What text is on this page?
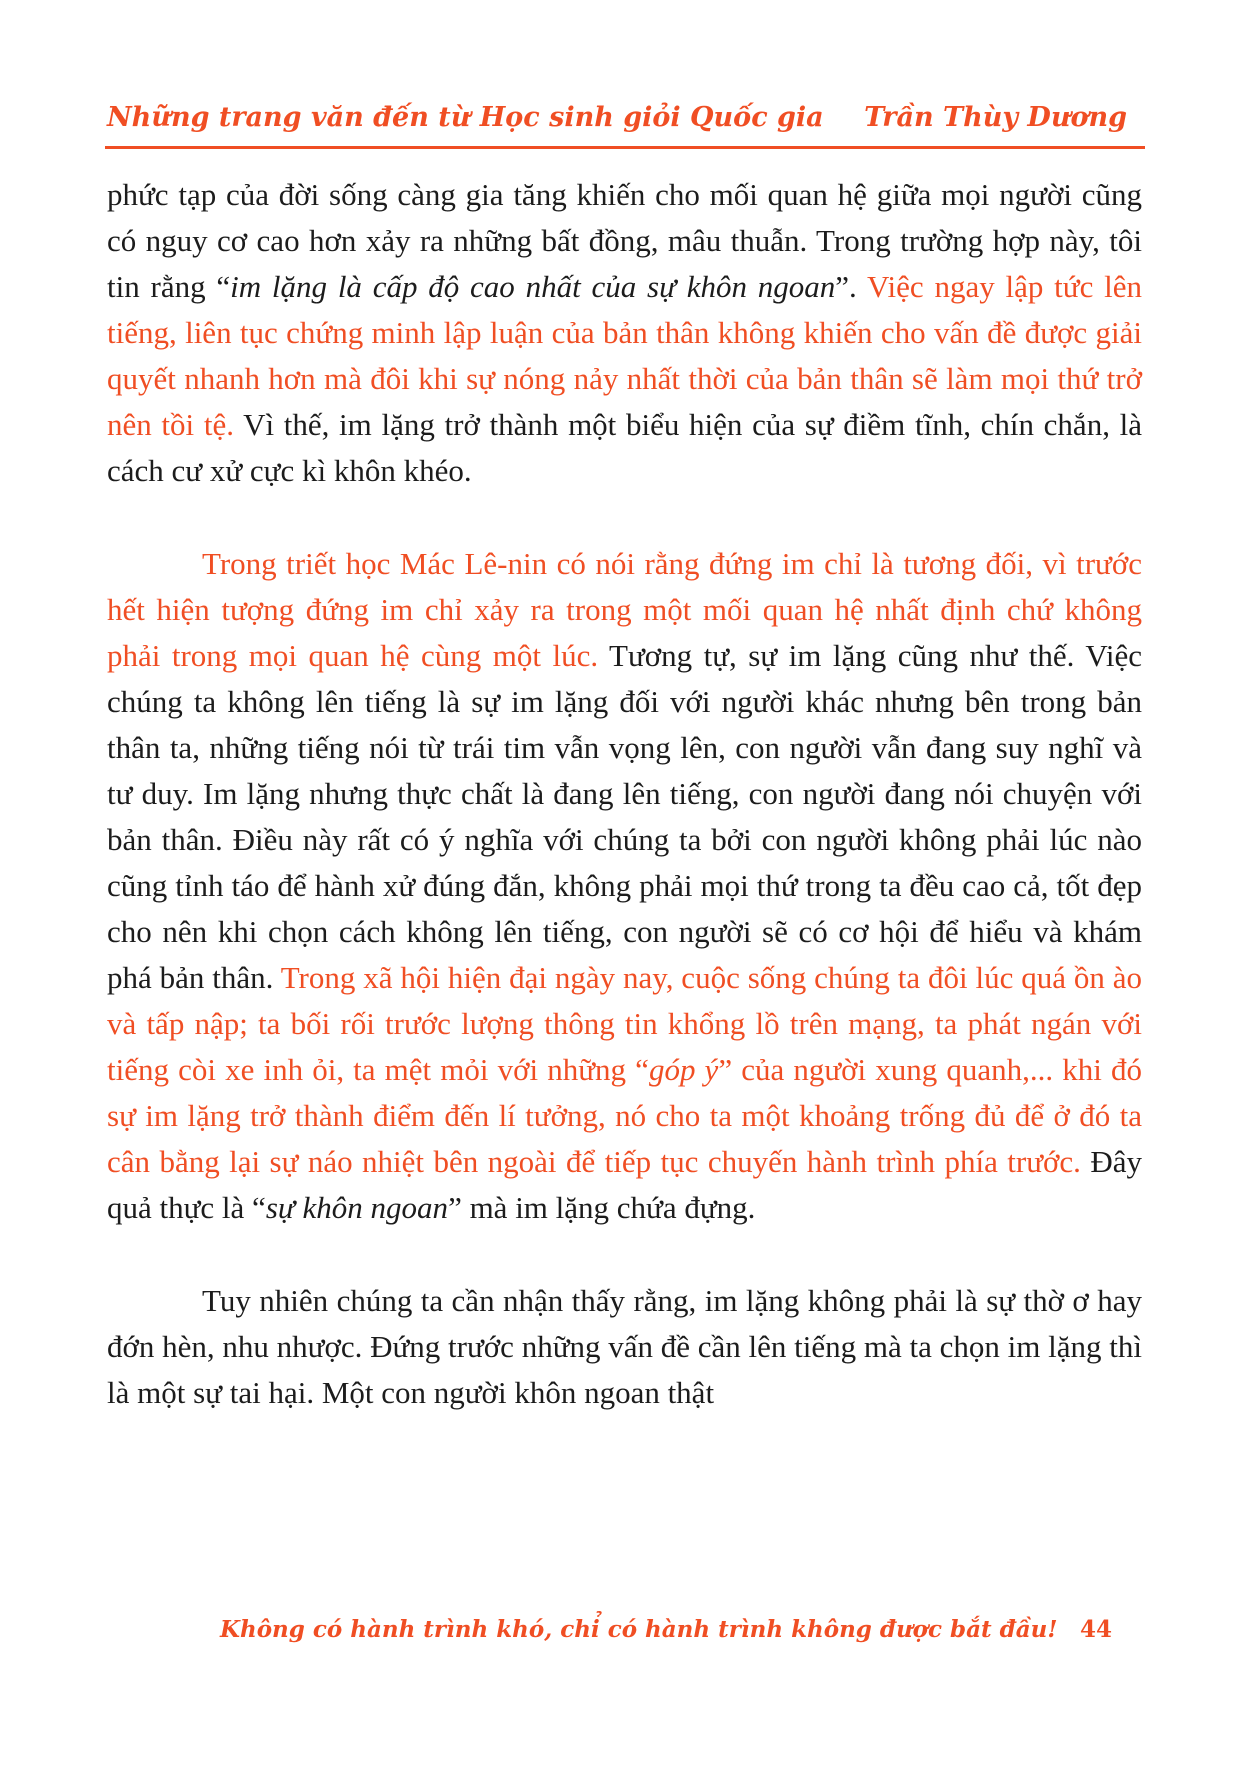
Những trang văn đến từ Học sinh giỏi Quốc gia Trần Thùy Dương

phức tạp của đời sống càng gia tăng khiến cho mối quan hệ giữa mọi người cũng có nguy cơ cao hơn xảy ra những bất đồng, mâu thuẫn. Trong trường hợp này, tôi tin rằng “im lặng là cấp độ cao nhất của sự khôn ngoan”. Việc ngay lập tức lên tiếng, liên tục chứng minh lập luận của bản thân không khiến cho vấn đề được giải quyết nhanh hơn mà đôi khi sự nóng nảy nhất thời của bản thân sẽ làm mọi thứ trở nên tồi tệ. Vì thế, im lặng trở thành một biểu hiện của sự điềm tĩnh, chín chắn, là cách cư xử cực kì khôn khéo.

Trong triết học Mác Lê-nin có nói rằng đứng im chỉ là tương đối, vì trước hết hiện tượng đứng im chỉ xảy ra trong một mối quan hệ nhất định chứ không phải trong mọi quan hệ cùng một lúc. Tương tự, sự im lặng cũng như thế. Việc chúng ta không lên tiếng là sự im lặng đối với người khác nhưng bên trong bản thân ta, những tiếng nói từ trái tim vẫn vọng lên, con người vẫn đang suy nghĩ và tư duy. Im lặng nhưng thực chất là đang lên tiếng, con người đang nói chuyện với bản thân. Điều này rất có ý nghĩa với chúng ta bởi con người không phải lúc nào cũng tỉnh táo để hành xử đúng đắn, không phải mọi thứ trong ta đều cao cả, tốt đẹp cho nên khi chọn cách không lên tiếng, con người sẽ có cơ hội để hiểu và khám phá bản thân. Trong xã hội hiện đại ngày nay, cuộc sống chúng ta đôi lúc quá ồn ào và tấp nập; ta bối rối trước lượng thông tin khổng lồ trên mạng, ta phát ngán với tiếng còi xe inh ỏi, ta mệt mỏi với những “góp ý” của người xung quanh,... khi đó sự im lặng trở thành điểm đến lí tưởng, nó cho ta một khoảng trống đủ để ở đó ta cân bằng lại sự náo nhiệt bên ngoài để tiếp tục chuyến hành trình phía trước. Đây quả thực là “sự khôn ngoan” mà im lặng chứa đựng.

Tuy nhiên chúng ta cần nhận thấy rằng, im lặng không phải là sự thờ ơ hay đớn hèn, nhu nhược. Đứng trước những vấn đề cần lên tiếng mà ta chọn im lặng thì là một sự tai hại. Một con người khôn ngoan thật

Không có hành trình khó, chỉ có hành trình không được bắt đầu! 44
